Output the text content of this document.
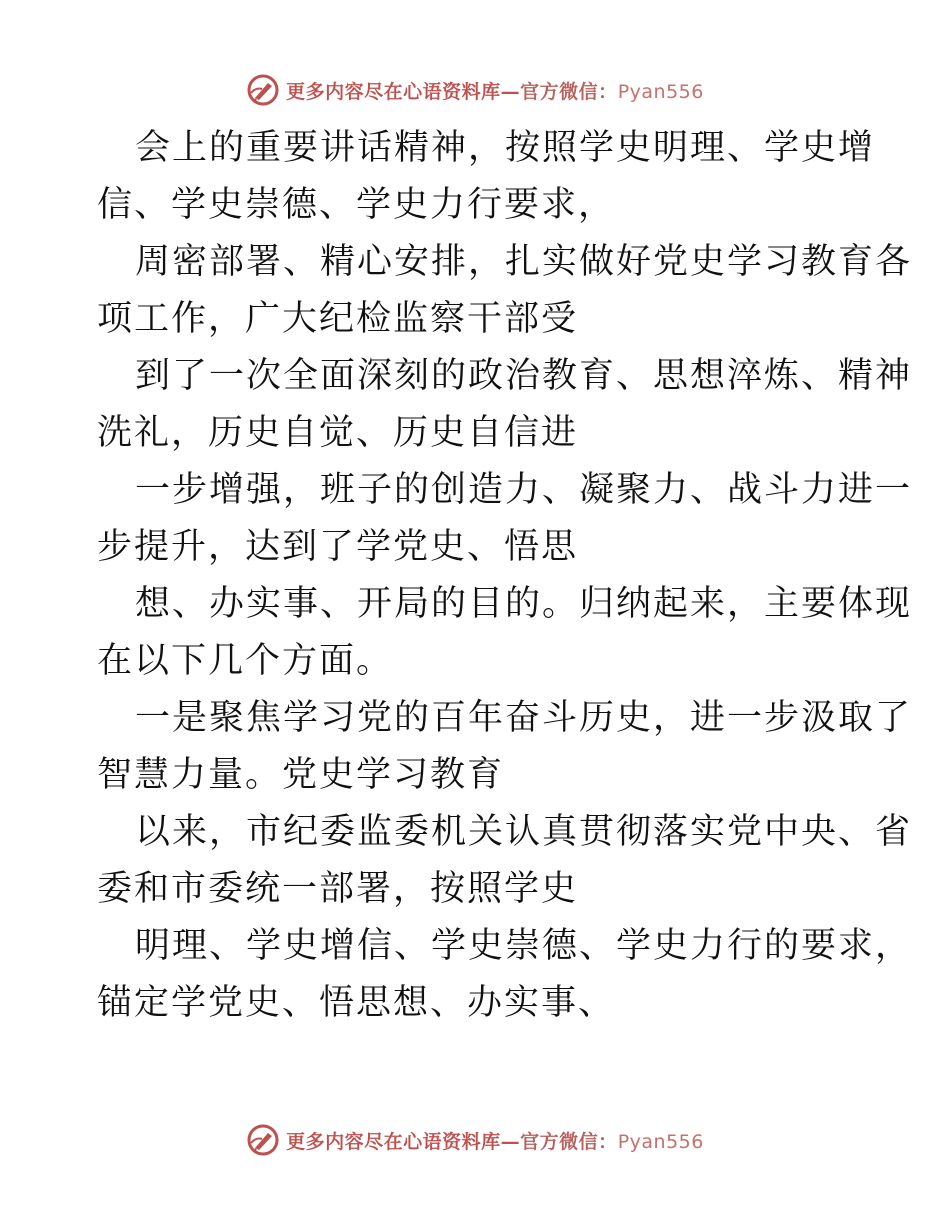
更多内容尽在心语资料库—官方微信：Pyan556
会上的重要讲话精神，按照学史明理、学史增
信、学史崇德、学史力行要求，
周密部署、精心安排，扎实做好党史学习教育各
项工作，广大纪检监察干部受
到了一次全面深刻的政治教育、思想淬炼、精神
洗礼，历史自觉、历史自信进
一步增强，班子的创造力、凝聚力、战斗力进一
步提升，达到了学党史、悟思
想、办实事、开局的目的。归纳起来，主要体现
在以下几个方面。
一是聚焦学习党的百年奋斗历史，进一步汲取了
智慧力量。党史学习教育
以来，市纪委监委机关认真贯彻落实党中央、省
委和市委统一部署，按照学史
明理、学史增信、学史崇德、学史力行的要求，
锚定学党史、悟思想、办实事、
更多内容尽在心语资料库—官方微信：Pyan556
